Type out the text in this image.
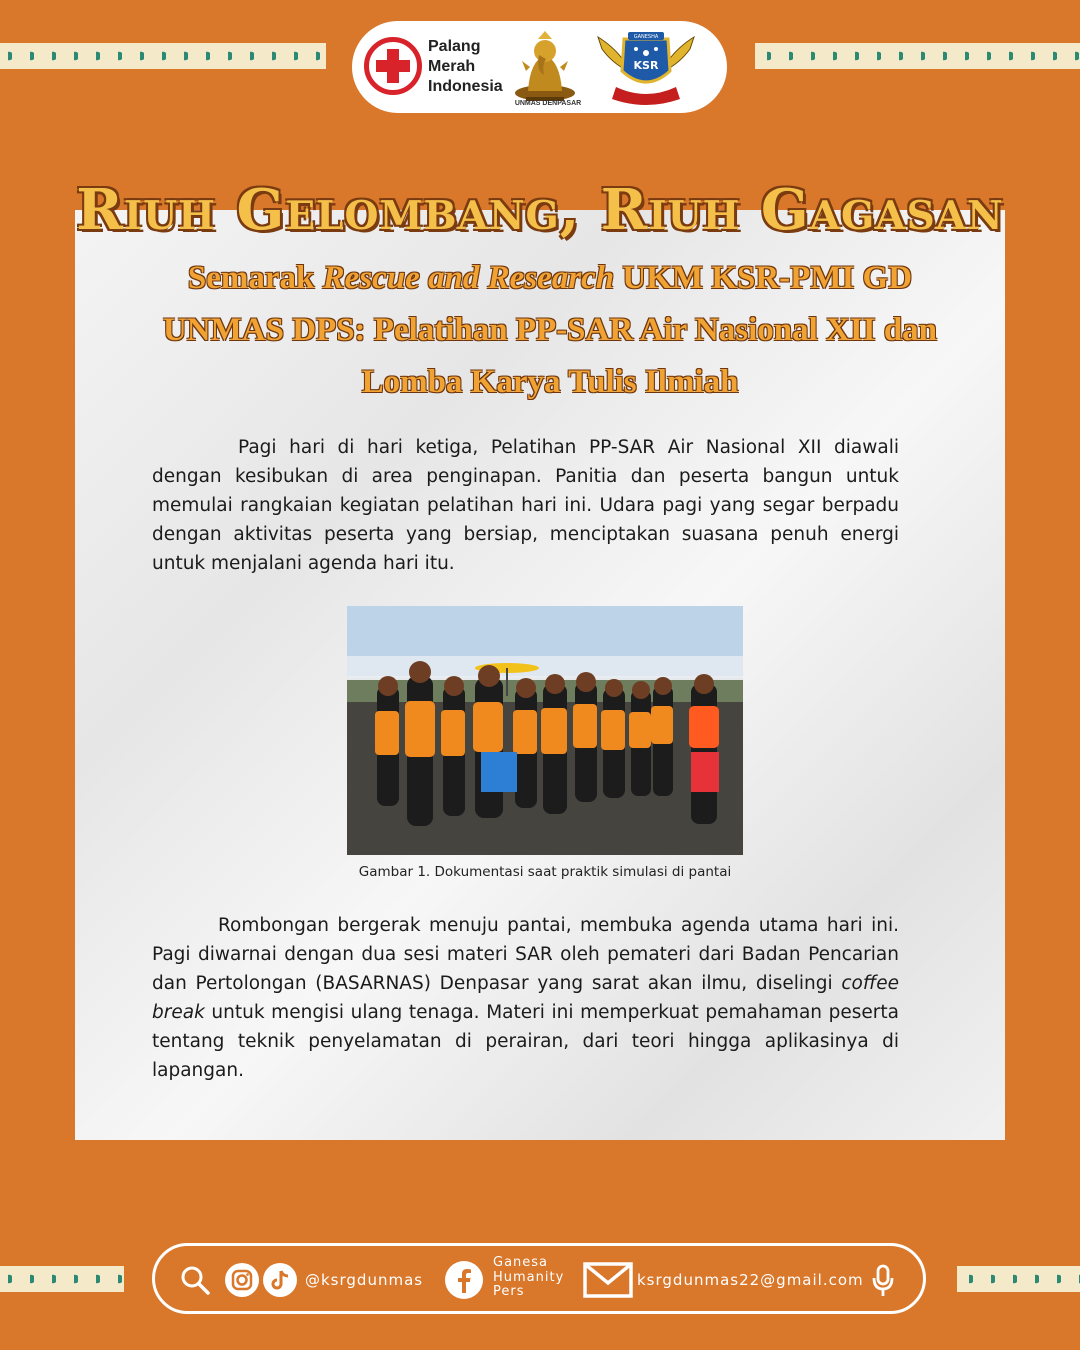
Palang
Merah
Indonesia
UNMAS DENPASAR
GANESHA
KSR
Riuh Gelombang, Riuh Gagasan
Semarak Rescue and Research UKM KSR-PMI GD UNMAS DPS: Pelatihan PP-SAR Air Nasional XII dan Lomba Karya Tulis Ilmiah
Pagi hari di hari ketiga, Pelatihan PP-SAR Air Nasional XII diawali dengan kesibukan di area penginapan. Panitia dan peserta bangun untuk memulai rangkaian kegiatan pelatihan hari ini. Udara pagi yang segar berpadu dengan aktivitas peserta yang bersiap, menciptakan suasana penuh energi untuk menjalani agenda hari itu.
Gambar 1. Dokumentasi saat praktik simulasi di pantai
Rombongan bergerak menuju pantai, membuka agenda utama hari ini. Pagi diwarnai dengan dua sesi materi SAR oleh pemateri dari Badan Pencarian dan Pertolongan (BASARNAS) Denpasar yang sarat akan ilmu, diselingi coffee break untuk mengisi ulang tenaga. Materi ini memperkuat pemahaman peserta tentang teknik penyelamatan di perairan, dari teori hingga aplikasinya di lapangan.
@ksrgdunmas
Ganesa
Humanity
Pers
ksrgdunmas22@gmail.com
